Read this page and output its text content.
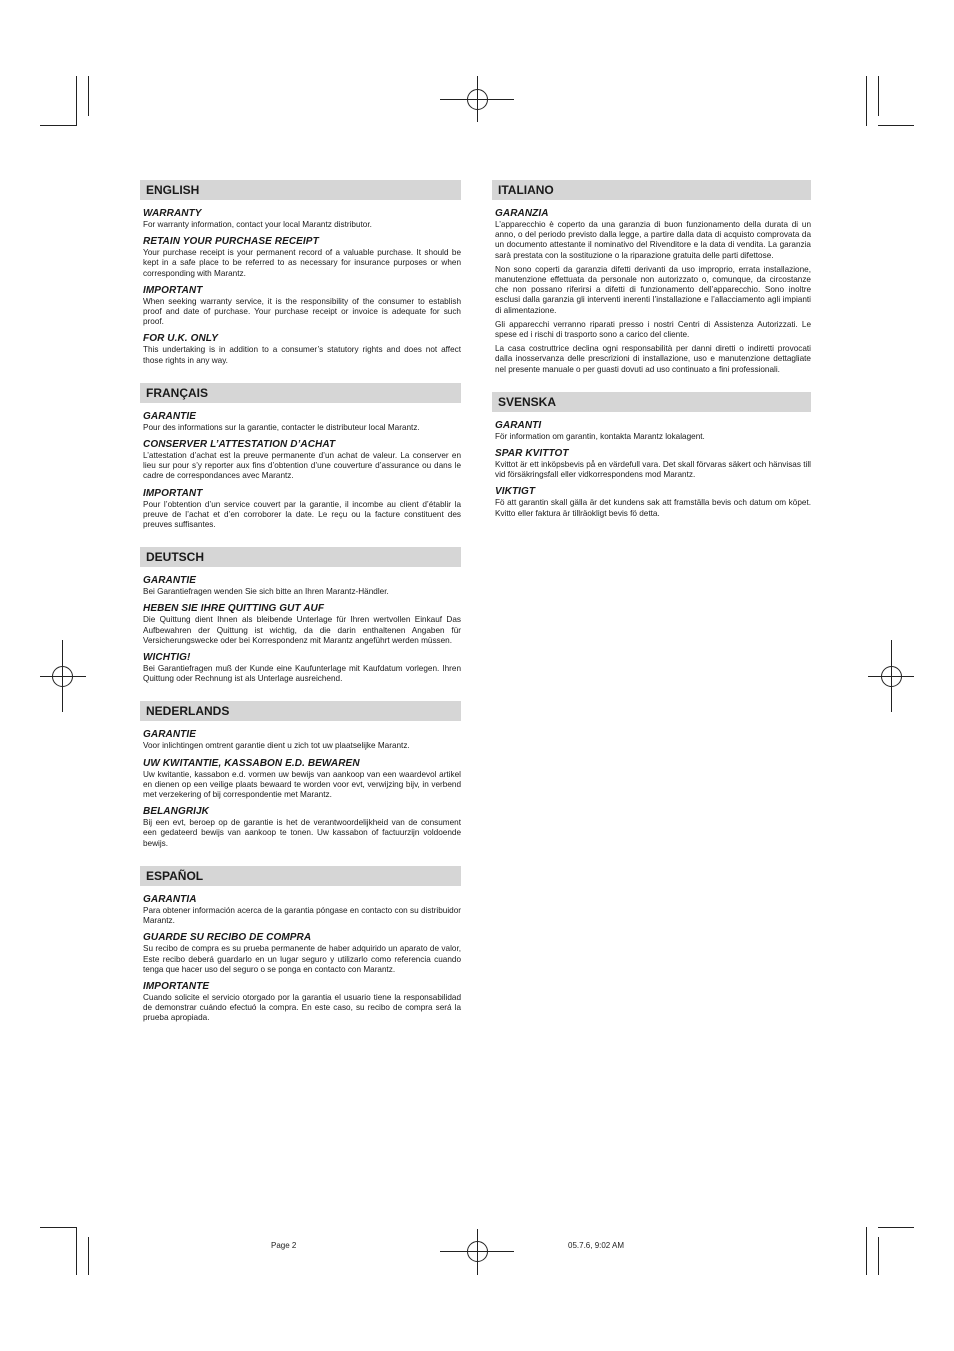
ENGLISH
WARRANTY
For warranty information, contact your local Marantz distributor.
RETAIN YOUR PURCHASE RECEIPT
Your purchase receipt is your permanent record of a valuable purchase. It should be kept in a safe place to be referred to as necessary for insurance purposes or when corresponding with Marantz.
IMPORTANT
When seeking warranty service, it is the responsibility of the consumer to establish proof and date of purchase. Your purchase receipt or invoice is adequate for such proof.
FOR U.K. ONLY
This undertaking is in addition to a consumer’s statutory rights and does not affect those rights in any way.
FRANÇAIS
GARANTIE
Pour des informations sur la garantie, contacter le distributeur local Marantz.
CONSERVER L’ATTESTATION D’ACHAT
L’attestation d’achat est la preuve permanente d’un achat de valeur. La conserver en lieu sur pour s’y reporter aux fins d’obtention d’une couverture d’assurance ou dans le cadre de correspondances avec Marantz.
IMPORTANT
Pour l’obtention d’un service couvert par la garantie, il incombe au client d’établir la preuve de l’achat et d’en corroborer la date. Le reçu ou la facture constituent des preuves suffisantes.
DEUTSCH
GARANTIE
Bei Garantiefragen wenden Sie sich bitte an Ihren Marantz-Händler.
HEBEN SIE IHRE QUITTING GUT AUF
Die Quittung dient Ihnen als bleibende Unterlage für Ihren wertvollen Einkauf Das Aufbewahren der Quittung ist wichtig, da die darin enthaltenen Angaben für Versicherungswecke oder bei Korrespondenz mit Marantz angeführt werden müssen.
WICHTIG!
Bei Garantiefragen muß der Kunde eine Kaufunterlage mit Kaufdatum vorlegen. Ihren Quittung oder Rechnung ist als Unterlage ausreichend.
NEDERLANDS
GARANTIE
Voor inlichtingen omtrent garantie dient u zich tot uw plaatselijke Marantz.
UW KWITANTIE, KASSABON E.D. BEWAREN
Uw kwitantie, kassabon e.d. vormen uw bewijs van aankoop van een waardevol artikel en dienen op een veilige plaats bewaard te worden voor evt, verwijzing bijv, in verbend met verzekering of bij correspondentie met Marantz.
BELANGRIJK
Bij een evt, beroep op de garantie is het de verantwoordelijkheid van de consument een gedateerd bewijs van aankoop te tonen. Uw kassabon of factuurzijn voldoende bewijs.
ESPAÑOL
GARANTIA
Para obtener información acerca de la garantia póngase en contacto con su distribuidor Marantz.
GUARDE SU RECIBO DE COMPRA
Su recibo de compra es su prueba permanente de haber adquirido un aparato de valor, Este recibo deberá guardarlo en un lugar seguro y utilizarlo como referencia cuando tenga que hacer uso del seguro o se ponga en contacto con Marantz.
IMPORTANTE
Cuando solicite el servicio otorgado por la garantia el usuario tiene la responsabilidad de demonstrar cuándo efectuó la compra. En este caso, su recibo de compra será la prueba apropiada.
ITALIANO
GARANZIA
L’apparecchio è coperto da una garanzia di buon funzionamento della durata di un anno, o del periodo previsto dalla legge, a partire dalla data di acquisto comprovata da un documento attestante il nominativo del Rivenditore e la data di vendita. La garanzia sarà prestata con la sostituzione o la riparazione gratuita delle parti difettose.
Non sono coperti da garanzia difetti derivanti da uso improprio, errata installazione, manutenzione effettuata da personale non autorizzato o, comunque, da circostanze che non possano riferirsi a difetti di funzionamento dell’apparecchio. Sono inoltre esclusi dalla garanzia gli interventi inerenti l’installazione e l’allacciamento agli impianti di alimentazione.
Gli apparecchi verranno riparati presso i nostri Centri di Assistenza Autorizzati. Le spese ed i rischi di trasporto sono a carico del cliente.
La casa costruttrice declina ogni responsabilità per danni diretti o indiretti provocati dalla inosservanza delle prescrizioni di installazione, uso e manutenzione dettagliate nel presente manuale o per guasti dovuti ad uso continuato a fini professionali.
SVENSKA
GARANTI
För information om garantin, kontakta Marantz lokalagent.
SPAR KVITTOT
Kvittot är ett inköpsbevis på en värdefull vara. Det skall förvaras säkert och hänvisas till vid försäkringsfall eller vidkorrespondens mod Marantz.
VIKTIGT
Fö att garantin skall gälla är det kundens sak att framställa bevis och datum om köpet. Kvitto eller faktura är tillräokligt bevis fö detta.
Page 2	05.7.6, 9:02 AM
